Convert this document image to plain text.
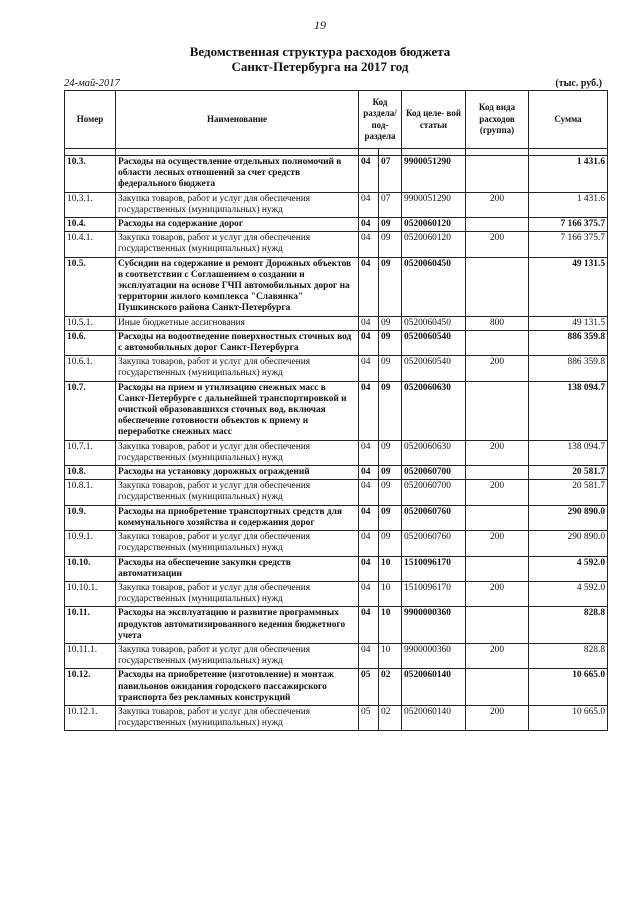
19
Ведомственная структура расходов бюджета
Санкт-Петербурга на 2017 год
24-май-2017	(тыс. руб.)
Номер	Наименование	Код раздела/ под- раздела		Код целе- вой статьи	Код вида расходов (группа)	Сумма

10.3.	Расходы на осуществление отдельных полномочий в области лесных отношений за счет средств федерального бюджета	04	07	9900051290		1 431.6
10.3.1.	Закупка товаров, работ и услуг для обеспечения государственных (муниципальных) нужд	04	07	9900051290	200	1 431.6
10.4.	Расходы на содержание дорог	04	09	0520060120		7 166 375.7
10.4.1.	Закупка товаров, работ и услуг для обеспечения государственных (муниципальных) нужд	04	09	0520060120	200	7 166 375.7
10.5.	Субсидии на содержание и ремонт Дорожных объектов в соответствии с Соглашением о создании и эксплуатации на основе ГЧП автомобильных дорог на территории жилого комплекса "Славянка" Пушкинского района Санкт-Петербурга	04	09	0520060450		49 131.5
10.5.1.	Иные бюджетные ассигнования	04	09	0520060450	800	49 131.5
10.6.	Расходы на водоотведение поверхностных сточных вод с автомобильных дорог Санкт-Петербурга	04	09	0520060540		886 359.8
10.6.1.	Закупка товаров, работ и услуг для обеспечения государственных (муниципальных) нужд	04	09	0520060540	200	886 359.8
10.7.	Расходы на прием и утилизацию снежных масс в Санкт-Петербурге с дальнейшей транспортировкой и очисткой образовавшихся сточных вод, включая обеспечение готовности объектов к приему и переработке снежных масс	04	09	0520060630		138 094.7
10.7.1.	Закупка товаров, работ и услуг для обеспечения государственных (муниципальных) нужд	04	09	0520060630	200	138 094.7
10.8.	Расходы на установку дорожных ограждений	04	09	0520060700		20 581.7
10.8.1.	Закупка товаров, работ и услуг для обеспечения государственных (муниципальных) нужд	04	09	0520060700	200	20 581.7
10.9.	Расходы на приобретение транспортных средств для коммунального хозяйства и содержания дорог	04	09	0520060760		290 890.0
10.9.1.	Закупка товаров, работ и услуг для обеспечения государственных (муниципальных) нужд	04	09	0520060760	200	290 890.0
10.10.	Расходы на обеспечение закупки средств автоматизации	04	10	1510096170		4 592.0
10.10.1.	Закупка товаров, работ и услуг для обеспечения государственных (муниципальных) нужд	04	10	1510096170	200	4 592.0
10.11.	Расходы на эксплуатацию и развитие программных продуктов автоматизированного ведения бюджетного учета	04	10	9900000360		828.8
10.11.1.	Закупка товаров, работ и услуг для обеспечения государственных (муниципальных) нужд	04	10	9900000360	200	828.8
10.12.	Расходы на приобретение (изготовление) и монтаж павильонов ожидания городского пассажирского транспорта без рекламных конструкций	05	02	0520060140		10 665.0
10.12.1.	Закупка товаров, работ и услуг для обеспечения государственных (муниципальных) нужд	05	02	0520060140	200	10 665.0
